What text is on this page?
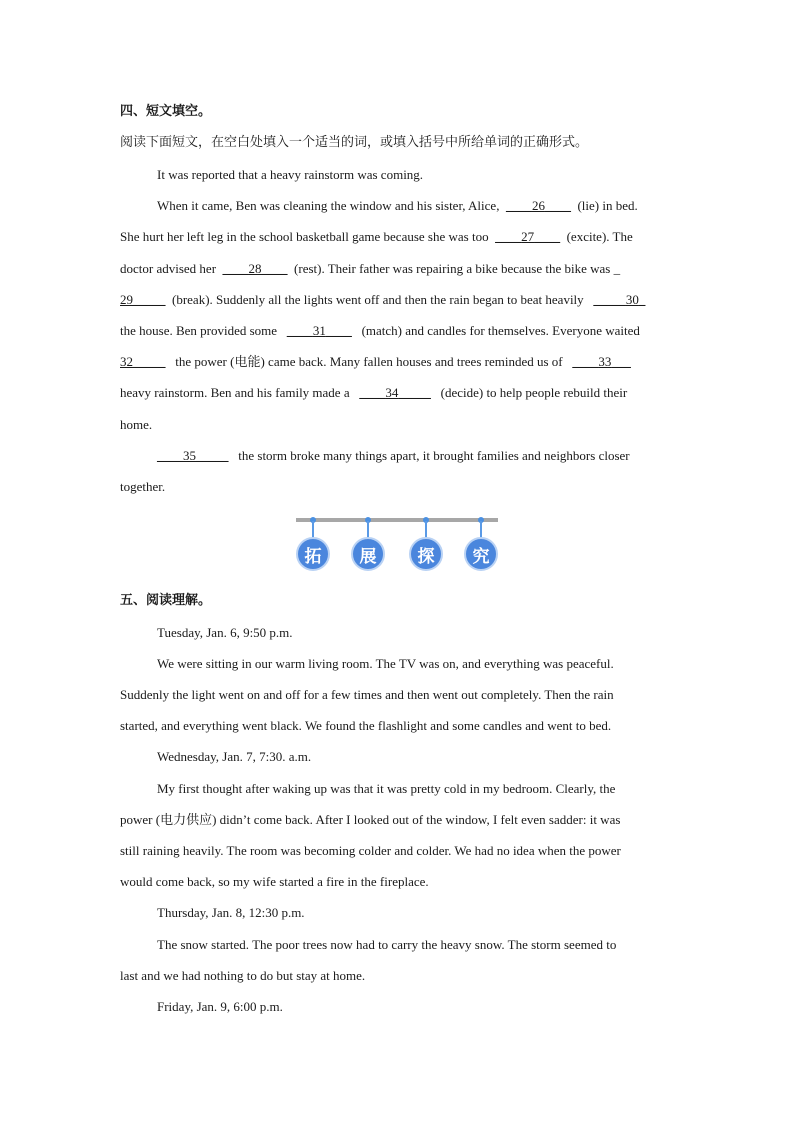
四、短文填空。
阅读下面短文，在空白处填入一个适当的词，或填入括号中所给单词的正确形式。
It was reported that a heavy rainstorm was coming.
When it came, Ben was cleaning the window and his sister, Alice, ____26____ (lie) in bed.
She hurt her left leg in the school basketball game because she was too ____27____ (excite). The
doctor advised her ____28____ (rest). Their father was repairing a bike because the bike was _
29_____ (break). Suddenly all the lights went off and then the rain began to beat heavily _____30_
the house. Ben provided some ____31____ (match) and candles for themselves. Everyone waited
32_____ the power (电能) came back. Many fallen houses and trees reminded us of ____33___
heavy rainstorm. Ben and his family made a ____34_____ (decide) to help people rebuild their
home.
____35_____ the storm broke many things apart, it brought families and neighbors closer
together.
拓	展	探	究
五、阅读理解。
Tuesday, Jan. 6, 9:50 p.m.
We were sitting in our warm living room. The TV was on, and everything was peaceful.
Suddenly the light went on and off for a few times and then went out completely. Then the rain
started, and everything went black. We found the flashlight and some candles and went to bed.
Wednesday, Jan. 7, 7:30. a.m.
My first thought after waking up was that it was pretty cold in my bedroom. Clearly, the
power (电力供应) didn’t come back. After I looked out of the window, I felt even sadder: it was
still raining heavily. The room was becoming colder and colder. We had no idea when the power
would come back, so my wife started a fire in the fireplace.
Thursday, Jan. 8, 12:30 p.m.
The snow started. The poor trees now had to carry the heavy snow. The storm seemed to
last and we had nothing to do but stay at home.
Friday, Jan. 9, 6:00 p.m.
